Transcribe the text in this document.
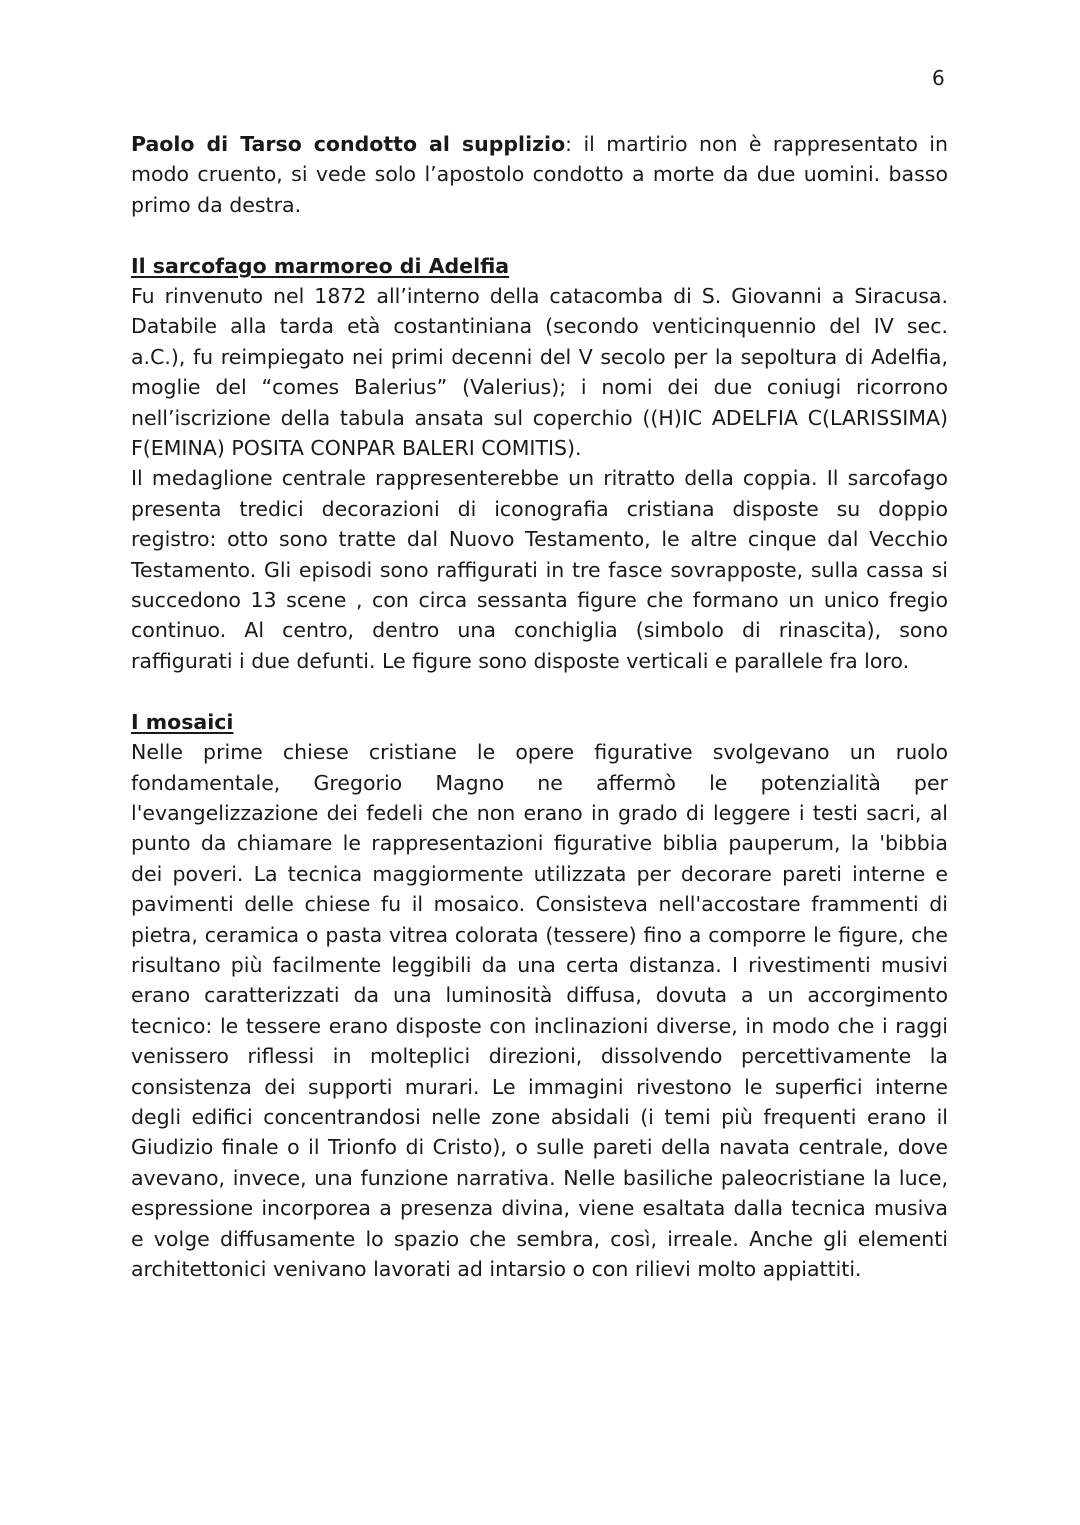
6

Paolo di Tarso condotto al supplizio: il martirio non è rappresentato in modo cruento, si vede solo l’apostolo condotto a morte da due uomini. basso primo da destra.

Il sarcofago marmoreo di Adelfia

Fu rinvenuto nel 1872 all’interno della catacomba di S. Giovanni a Siracusa. Databile alla tarda età costantiniana (secondo venticinquennio del IV sec. a.C.), fu reimpiegato nei primi decenni del V secolo per la sepoltura di Adelfia, moglie del “comes Balerius” (Valerius); i nomi dei due coniugi ricorrono nell’iscrizione della tabula ansata sul coperchio ((H)IC ADELFIA C(LARISSIMA) F(EMINA) POSITA CONPAR BALERI COMITIS).

Il medaglione centrale rappresenterebbe un ritratto della coppia. Il sarcofago presenta tredici decorazioni di iconografia cristiana disposte su doppio registro: otto sono tratte dal Nuovo Testamento, le altre cinque dal Vecchio Testamento. Gli episodi sono raffigurati in tre fasce sovrapposte, sulla cassa si succedono 13 scene , con circa sessanta figure che formano un unico fregio continuo. Al centro, dentro una conchiglia (simbolo di rinascita), sono raffigurati i due defunti. Le figure sono disposte verticali e parallele fra loro.

I mosaici

Nelle prime chiese cristiane le opere figurative svolgevano un ruolo fondamentale, Gregorio Magno ne affermò le potenzialità per l'evangelizzazione dei fedeli che non erano in grado di leggere i testi sacri, al punto da chiamare le rappresentazioni figurative biblia pauperum, la 'bibbia dei poveri. La tecnica maggiormente utilizzata per decorare pareti interne e pavimenti delle chiese fu il mosaico. Consisteva nell'accostare frammenti di pietra, ceramica o pasta vitrea colorata (tessere) fino a comporre le figure, che risultano più facilmente leggibili da una certa distanza. I rivestimenti musivi erano caratterizzati da una luminosità diffusa, dovuta a un accorgimento tecnico: le tessere erano disposte con inclinazioni diverse, in modo che i raggi venissero riflessi in molteplici direzioni, dissolvendo percettivamente la consistenza dei supporti murari. Le immagini rivestono le superfici interne degli edifici concentrandosi nelle zone absidali (i temi più frequenti erano il Giudizio finale o il Trionfo di Cristo), o sulle pareti della navata centrale, dove avevano, invece, una funzione narrativa. Nelle basiliche paleocristiane la luce, espressione incorporea a presenza divina, viene esaltata dalla tecnica musiva e volge diffusamente lo spazio che sembra, così, irreale. Anche gli elementi architettonici venivano lavorati ad intarsio o con rilievi molto appiattiti.
